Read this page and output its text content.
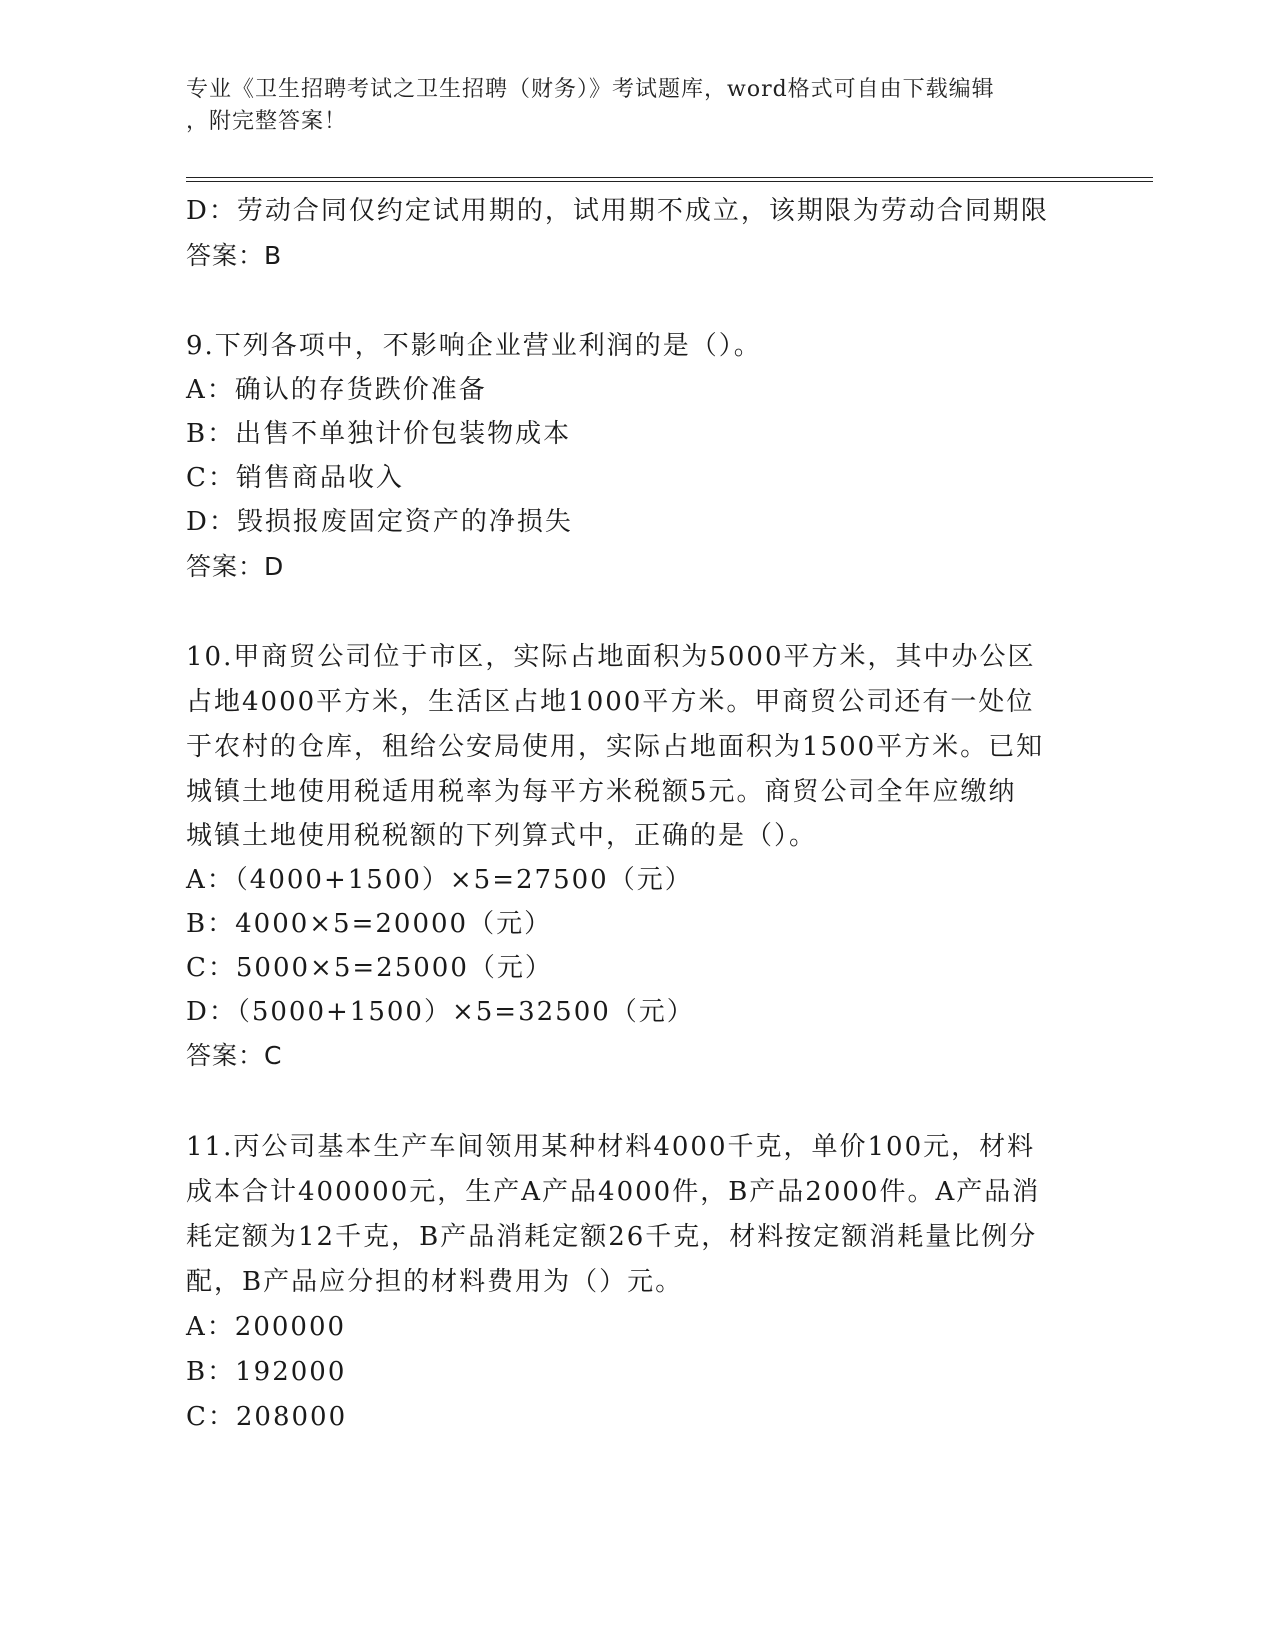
专业《卫生招聘考试之卫生招聘（财务）》考试题库，word格式可自由下载编辑
，附完整答案！
D：劳动合同仅约定试用期的，试用期不成立，该期限为劳动合同期限
答案：B
9.下列各项中，不影响企业营业利润的是（）。
A：确认的存货跌价准备
B：出售不单独计价包装物成本
C：销售商品收入
D：毁损报废固定资产的净损失
答案：D
10.甲商贸公司位于市区，实际占地面积为5000平方米，其中办公区
占地4000平方米，生活区占地1000平方米。甲商贸公司还有一处位
于农村的仓库，租给公安局使用，实际占地面积为1500平方米。已知
城镇土地使用税适用税率为每平方米税额5元。商贸公司全年应缴纳
城镇土地使用税税额的下列算式中，正确的是（）。
A：（4000+1500）×5=27500（元）
B：4000×5=20000（元）
C：5000×5=25000（元）
D：（5000+1500）×5=32500（元）
答案：C
11.丙公司基本生产车间领用某种材料4000千克，单价100元，材料
成本合计400000元，生产A产品4000件，B产品2000件。A产品消
耗定额为12千克，B产品消耗定额26千克，材料按定额消耗量比例分
配，B产品应分担的材料费用为（）元。
A：200000
B：192000
C：208000
